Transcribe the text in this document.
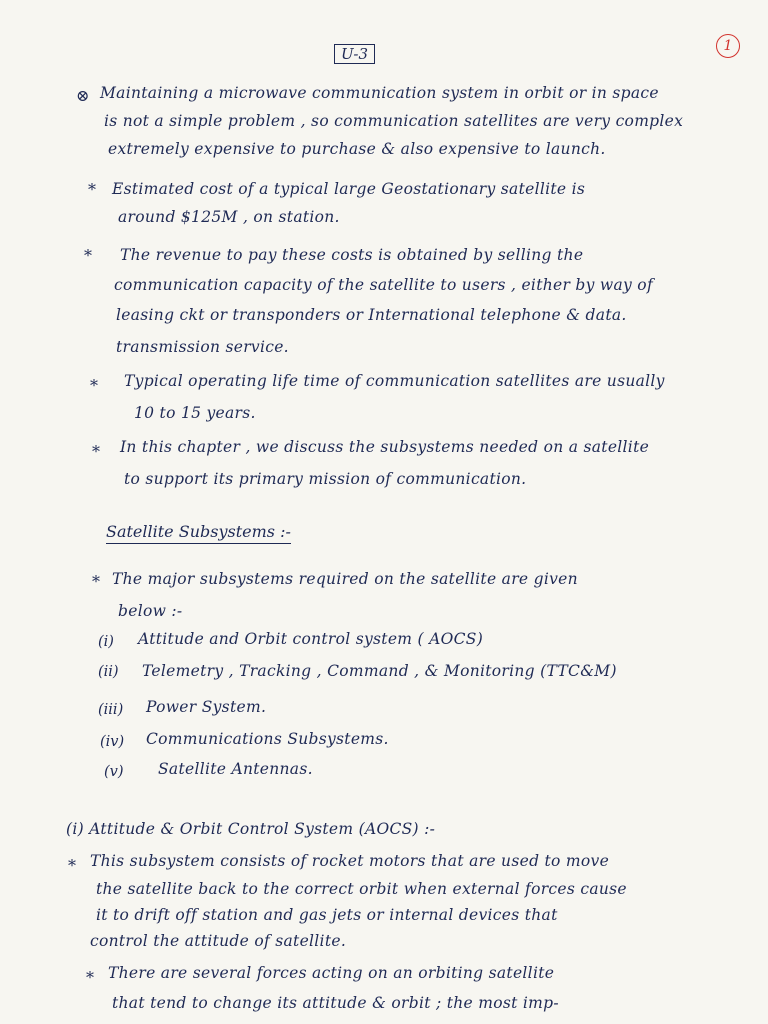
U-3	1
⊗ Maintaining a microwave communication system in orbit or in space
is not a simple problem , so communication satellites are very complex
extremely expensive to purchase & also expensive to launch.
* Estimated cost of a typical large Geostationary satellite is
around $125M , on station.
* The revenue to pay these costs is obtained by selling the
communication capacity of the satellite to users , either by way of
leasing ckt or transponders or International telephone & data.
transmission service.
* Typical operating life time of communication satellites are usually
10 to 15 years.
* In this chapter , we discuss the subsystems needed on a satellite
to support its primary mission of communication.
Satellite Subsystems :-
* The major subsystems required on the satellite are given
below :-
(i) Attitude and Orbit control system ( AOCS)
(ii) Telemetry , Tracking , Command , & Monitoring (TTC&M)
(iii) Power System.
(iv) Communications Subsystems.
(v) Satellite Antennas.
(i) Attitude & Orbit Control System (AOCS) :-
* This subsystem consists of rocket motors that are used to move
the satellite back to the correct orbit when external forces cause
it to drift off station and gas jets or internal devices that
control the attitude of satellite.
* There are several forces acting on an orbiting satellite
that tend to change its attitude & orbit ; the most imp-
